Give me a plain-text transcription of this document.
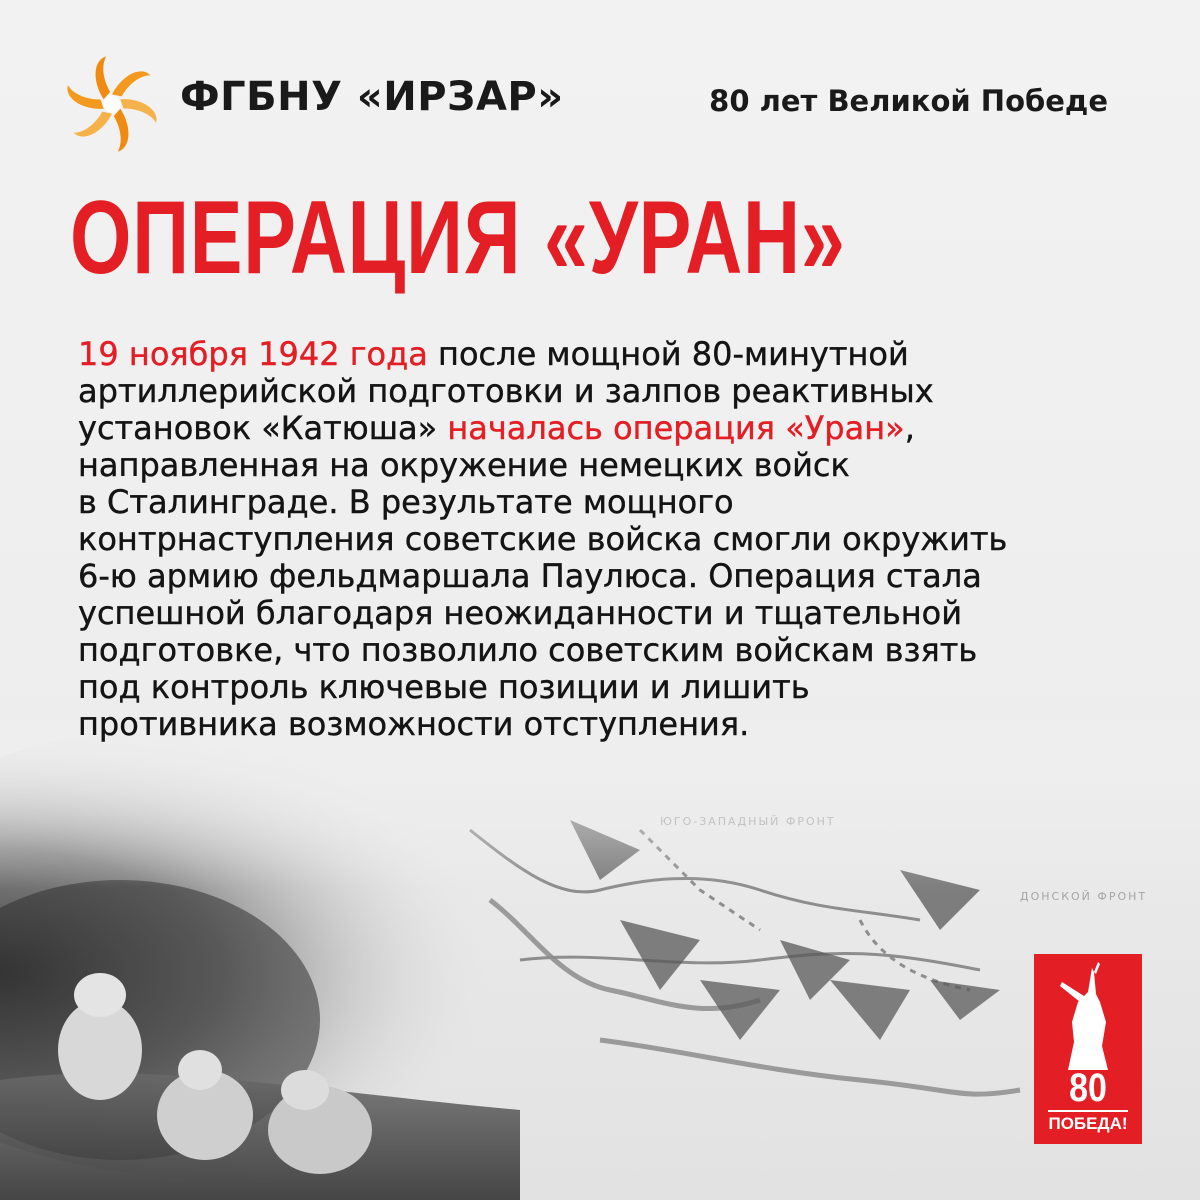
ФГБНУ «ИРЗАР»	80 лет Великой Победе
ОПЕРАЦИЯ «УРАН»
19 ноября 1942 года после мощной 80-минутной
артиллерийской подготовки и залпов реактивных
установок «Катюша» началась операция «Уран»,
направленная на окружение немецких войск
в Сталинграде. В результате мощного
контрнаступления советские войска смогли окружить
6-ю армию фельдмаршала Паулюса. Операция стала
успешной благодаря неожиданности и тщательной
подготовке, что позволило советским войскам взять
под контроль ключевые позиции и лишить
противника возможности отступления.
80
ПОБЕДА!
